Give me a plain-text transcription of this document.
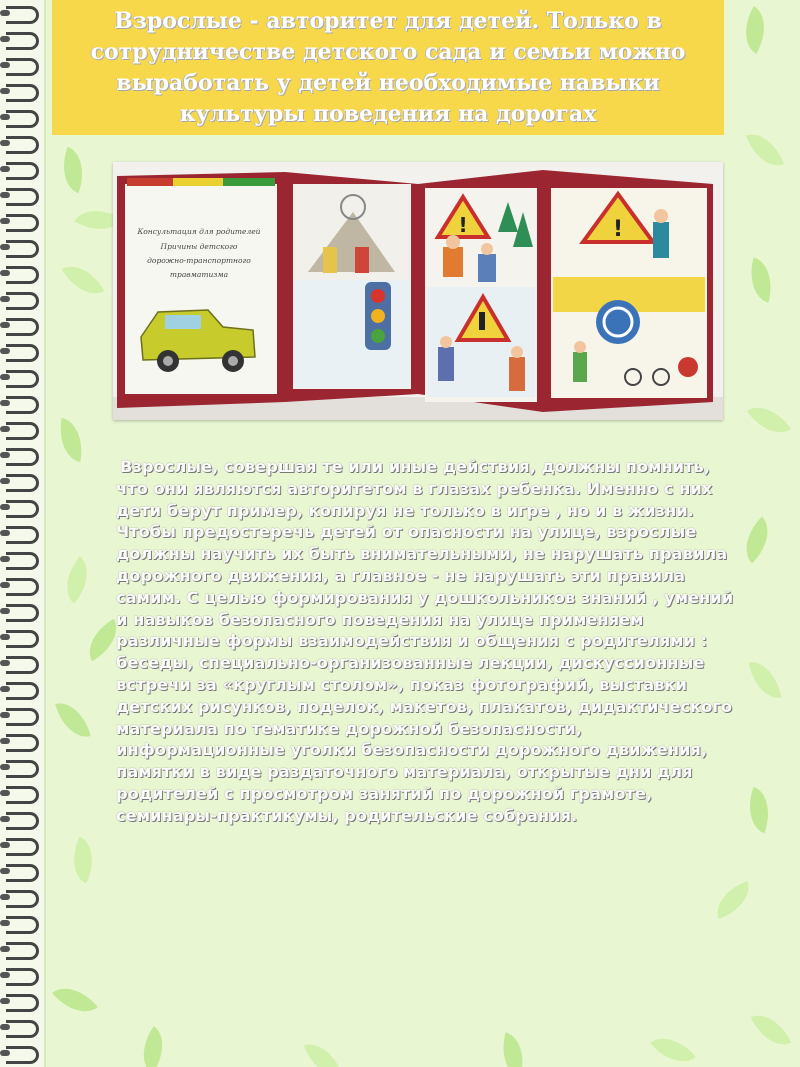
Взрослые - авторитет для детей. Только в сотрудничестве детского сада и семьи можно выработать у детей необходимые навыки культуры поведения на дорогах
Консультация для родителей
Причины детского
дорожно-транспортного
травматизма
!	!

Взрослые, совершая те или иные действия, должны помнить, что они являются авторитетом в глазах ребенка. Именно с них дети берут пример, копируя не только в игре , но и в жизни. Чтобы предостеречь детей от опасности на улице, взрослые должны научить их быть внимательными, не нарушать правила дорожного движения, а главное - не нарушать эти правила самим. С целью формирования у дошкольников знаний , умений и навыков безопасного поведения на улице применяем различные формы взаимодействия и общения с родителями : беседы, специально-организованные лекции, дискуссионные встречи за «круглым столом», показ фотографий, выставки детских рисунков, поделок, макетов, плакатов, дидактического материала по тематике дорожной безопасности, информационные уголки безопасности дорожного движения, памятки в виде раздаточного материала, открытые дни для родителей с просмотром занятий по дорожной грамоте, семинары-практикумы, родительские собрания.
